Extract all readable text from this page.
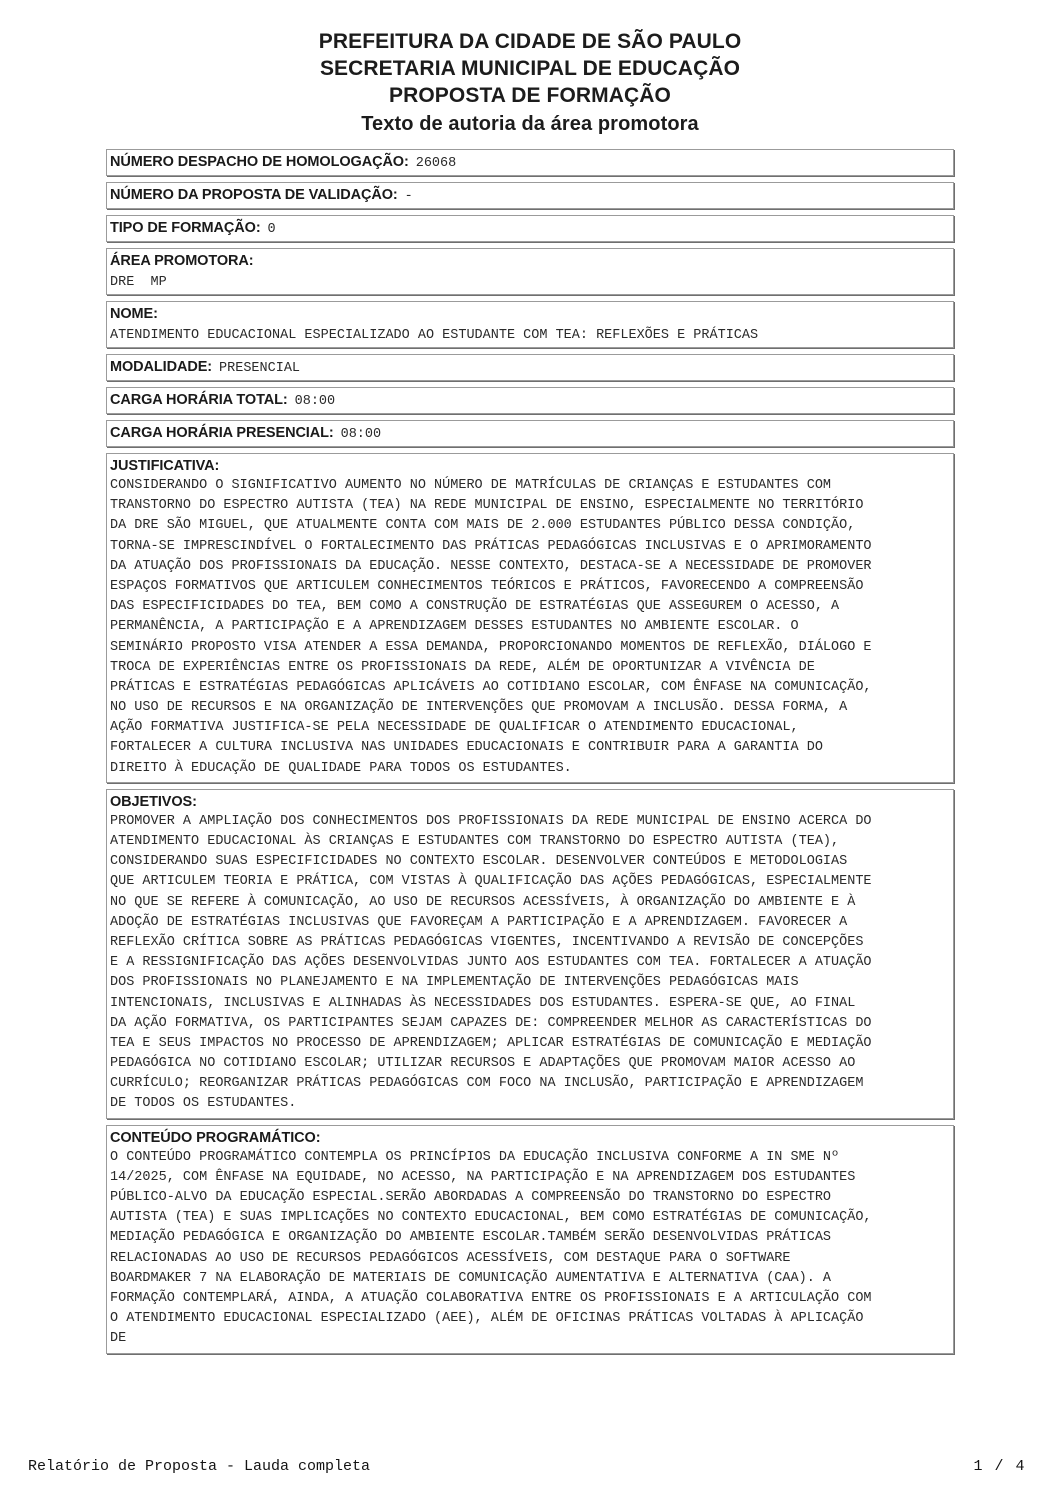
PREFEITURA DA CIDADE DE SÃO PAULO
SECRETARIA MUNICIPAL DE EDUCAÇÃO
PROPOSTA DE FORMAÇÃO
Texto de autoria da área promotora
NÚMERO DESPACHO DE HOMOLOGAÇÃO: 26068
NÚMERO DA PROPOSTA DE VALIDAÇÃO: -
TIPO DE FORMAÇÃO: 0
ÁREA PROMOTORA:
DRE  MP
NOME:
ATENDIMENTO EDUCACIONAL ESPECIALIZADO AO ESTUDANTE COM TEA: REFLEXÕES E PRÁTICAS
MODALIDADE: PRESENCIAL
CARGA HORÁRIA TOTAL: 08:00
CARGA HORÁRIA PRESENCIAL: 08:00
JUSTIFICATIVA:
CONSIDERANDO O SIGNIFICATIVO AUMENTO NO NÚMERO DE MATRÍCULAS DE CRIANÇAS E ESTUDANTES COM
TRANSTORNO DO ESPECTRO AUTISTA (TEA) NA REDE MUNICIPAL DE ENSINO, ESPECIALMENTE NO TERRITÓRIO
DA DRE SÃO MIGUEL, QUE ATUALMENTE CONTA COM MAIS DE 2.000 ESTUDANTES PÚBLICO DESSA CONDIÇÃO,
TORNA-SE IMPRESCINDÍVEL O FORTALECIMENTO DAS PRÁTICAS PEDAGÓGICAS INCLUSIVAS E O APRIMORAMENTO
DA ATUAÇÃO DOS PROFISSIONAIS DA EDUCAÇÃO. NESSE CONTEXTO, DESTACA-SE A NECESSIDADE DE PROMOVER
ESPAÇOS FORMATIVOS QUE ARTICULEM CONHECIMENTOS TEÓRICOS E PRÁTICOS, FAVORECENDO A COMPREENSÃO
DAS ESPECIFICIDADES DO TEA, BEM COMO A CONSTRUÇÃO DE ESTRATÉGIAS QUE ASSEGUREM O ACESSO, A
PERMANÊNCIA, A PARTICIPAÇÃO E A APRENDIZAGEM DESSES ESTUDANTES NO AMBIENTE ESCOLAR. O
SEMINÁRIO PROPOSTO VISA ATENDER A ESSA DEMANDA, PROPORCIONANDO MOMENTOS DE REFLEXÃO, DIÁLOGO E
TROCA DE EXPERIÊNCIAS ENTRE OS PROFISSIONAIS DA REDE, ALÉM DE OPORTUNIZAR A VIVÊNCIA DE
PRÁTICAS E ESTRATÉGIAS PEDAGÓGICAS APLICÁVEIS AO COTIDIANO ESCOLAR, COM ÊNFASE NA COMUNICAÇÃO,
NO USO DE RECURSOS E NA ORGANIZAÇÃO DE INTERVENÇÕES QUE PROMOVAM A INCLUSÃO. DESSA FORMA, A
AÇÃO FORMATIVA JUSTIFICA-SE PELA NECESSIDADE DE QUALIFICAR O ATENDIMENTO EDUCACIONAL,
FORTALECER A CULTURA INCLUSIVA NAS UNIDADES EDUCACIONAIS E CONTRIBUIR PARA A GARANTIA DO
DIREITO À EDUCAÇÃO DE QUALIDADE PARA TODOS OS ESTUDANTES.
OBJETIVOS:
PROMOVER A AMPLIAÇÃO DOS CONHECIMENTOS DOS PROFISSIONAIS DA REDE MUNICIPAL DE ENSINO ACERCA DO
ATENDIMENTO EDUCACIONAL ÀS CRIANÇAS E ESTUDANTES COM TRANSTORNO DO ESPECTRO AUTISTA (TEA),
CONSIDERANDO SUAS ESPECIFICIDADES NO CONTEXTO ESCOLAR. DESENVOLVER CONTEÚDOS E METODOLOGIAS
QUE ARTICULEM TEORIA E PRÁTICA, COM VISTAS À QUALIFICAÇÃO DAS AÇÕES PEDAGÓGICAS, ESPECIALMENTE
NO QUE SE REFERE À COMUNICAÇÃO, AO USO DE RECURSOS ACESSÍVEIS, À ORGANIZAÇÃO DO AMBIENTE E À
ADOÇÃO DE ESTRATÉGIAS INCLUSIVAS QUE FAVOREÇAM A PARTICIPAÇÃO E A APRENDIZAGEM. FAVORECER A
REFLEXÃO CRÍTICA SOBRE AS PRÁTICAS PEDAGÓGICAS VIGENTES, INCENTIVANDO A REVISÃO DE CONCEPÇÕES
E A RESSIGNIFICAÇÃO DAS AÇÕES DESENVOLVIDAS JUNTO AOS ESTUDANTES COM TEA. FORTALECER A ATUAÇÃO
DOS PROFISSIONAIS NO PLANEJAMENTO E NA IMPLEMENTAÇÃO DE INTERVENÇÕES PEDAGÓGICAS MAIS
INTENCIONAIS, INCLUSIVAS E ALINHADAS ÀS NECESSIDADES DOS ESTUDANTES. ESPERA-SE QUE, AO FINAL
DA AÇÃO FORMATIVA, OS PARTICIPANTES SEJAM CAPAZES DE: COMPREENDER MELHOR AS CARACTERÍSTICAS DO
TEA E SEUS IMPACTOS NO PROCESSO DE APRENDIZAGEM; APLICAR ESTRATÉGIAS DE COMUNICAÇÃO E MEDIAÇÃO
PEDAGÓGICA NO COTIDIANO ESCOLAR; UTILIZAR RECURSOS E ADAPTAÇÕES QUE PROMOVAM MAIOR ACESSO AO
CURRÍCULO; REORGANIZAR PRÁTICAS PEDAGÓGICAS COM FOCO NA INCLUSÃO, PARTICIPAÇÃO E APRENDIZAGEM
DE TODOS OS ESTUDANTES.
CONTEÚDO PROGRAMÁTICO:
O CONTEÚDO PROGRAMÁTICO CONTEMPLA OS PRINCÍPIOS DA EDUCAÇÃO INCLUSIVA CONFORME A IN SME Nº
14/2025, COM ÊNFASE NA EQUIDADE, NO ACESSO, NA PARTICIPAÇÃO E NA APRENDIZAGEM DOS ESTUDANTES
PÚBLICO-ALVO DA EDUCAÇÃO ESPECIAL.SERÃO ABORDADAS A COMPREENSÃO DO TRANSTORNO DO ESPECTRO
AUTISTA (TEA) E SUAS IMPLICAÇÕES NO CONTEXTO EDUCACIONAL, BEM COMO ESTRATÉGIAS DE COMUNICAÇÃO,
MEDIAÇÃO PEDAGÓGICA E ORGANIZAÇÃO DO AMBIENTE ESCOLAR.TAMBÉM SERÃO DESENVOLVIDAS PRÁTICAS
RELACIONADAS AO USO DE RECURSOS PEDAGÓGICOS ACESSÍVEIS, COM DESTAQUE PARA O SOFTWARE
BOARDMAKER 7 NA ELABORAÇÃO DE MATERIAIS DE COMUNICAÇÃO AUMENTATIVA E ALTERNATIVA (CAA). A
FORMAÇÃO CONTEMPLARÁ, AINDA, A ATUAÇÃO COLABORATIVA ENTRE OS PROFISSIONAIS E A ARTICULAÇÃO COM
O ATENDIMENTO EDUCACIONAL ESPECIALIZADO (AEE), ALÉM DE OFICINAS PRÁTICAS VOLTADAS À APLICAÇÃO
DE
Relatório de Proposta - Lauda completa	1 / 4
